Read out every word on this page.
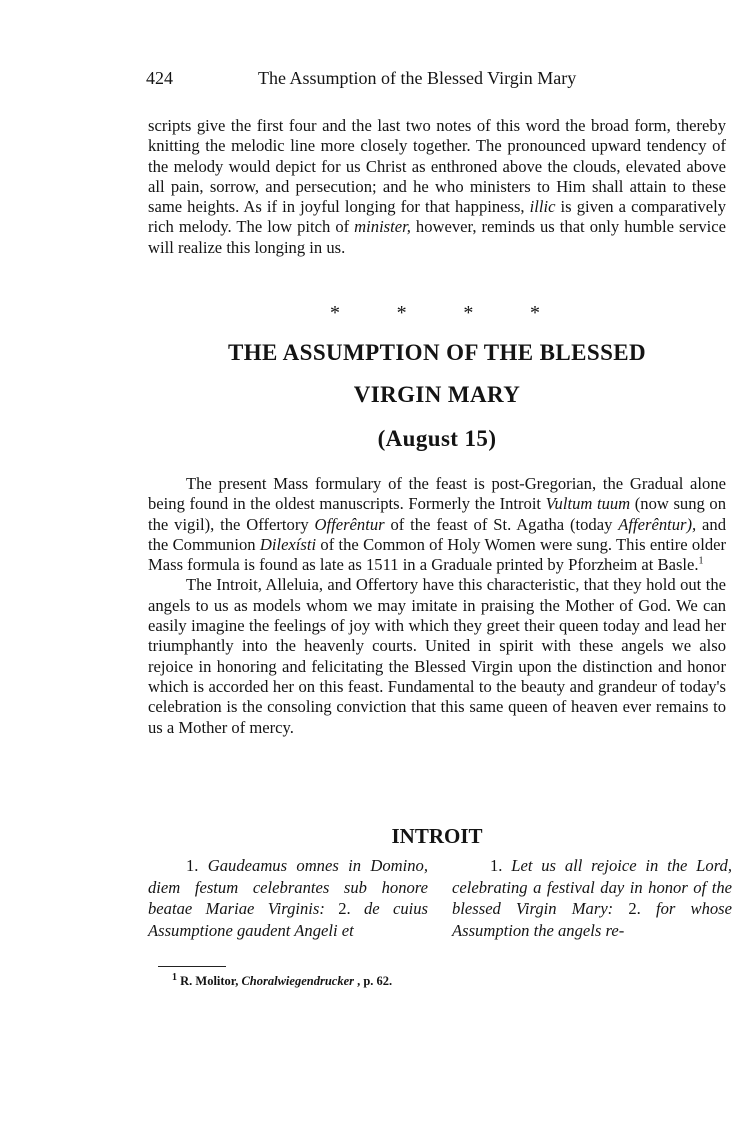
424	The Assumption of the Blessed Virgin Mary

scripts give the first four and the last two notes of this word the broad form, thereby knitting the melodic line more closely together. The pronounced upward tendency of the melody would depict for us Christ as enthroned above the clouds, elevated above all pain, sorrow, and persecution; and he who ministers to Him shall attain to these same heights. As if in joyful longing for that happiness, illic is given a comparatively rich melody. The low pitch of minister, however, reminds us that only humble service will realize this longing in us.

*	*	*	*
THE ASSUMPTION OF THE BLESSED
VIRGIN MARY
(August 15)

The present Mass formulary of the feast is post-Gregorian, the Gradual alone being found in the oldest manuscripts. Formerly the Introit Vultum tuum (now sung on the vigil), the Offertory Offerêntur of the feast of St. Agatha (today Afferêntur), and the Communion Dilexísti of the Common of Holy Women were sung. This entire older Mass formula is found as late as 1511 in a Graduale printed by Pforzheim at Basle.$^1$

The Introit, Alleluia, and Offertory have this characteristic, that they hold out the angels to us as models whom we may imitate in praising the Mother of God. We can easily imagine the feelings of joy with which they greet their queen today and lead her triumphantly into the heavenly courts. United in spirit with these angels we also rejoice in honoring and felicitating the Blessed Virgin upon the distinction and honor which is accorded her on this feast. Fundamental to the beauty and grandeur of today's celebration is the consoling conviction that this same queen of heaven ever remains to us a Mother of mercy.

INTROIT
1. Gaudeamus omnes in Domino, diem festum celebrantes sub honore beatae Mariae Virginis: 2. de cuius Assumptione gaudent Angeli et
1. Let us all rejoice in the Lord, celebrating a festival day in honor of the blessed Virgin Mary: 2. for whose Assumption the angels re-
$^1$ R. Molitor, Choralwiegendrucker , p. 62.
